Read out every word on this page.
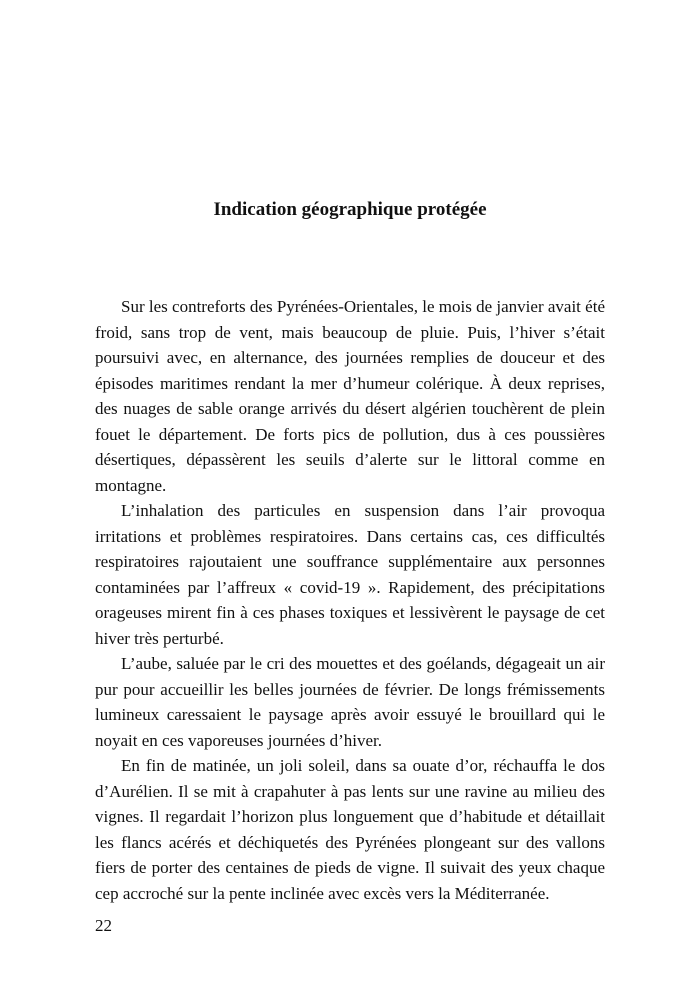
Indication géographique protégée

Sur les contreforts des Pyrénées-Orientales, le mois de janvier avait été froid, sans trop de vent, mais beaucoup de pluie. Puis, l’hiver s’était poursuivi avec, en alternance, des journées remplies de douceur et des épisodes maritimes rendant la mer d’humeur colérique. À deux reprises, des nuages de sable orange arrivés du désert algérien touchèrent de plein fouet le département. De forts pics de pollution, dus à ces poussières désertiques, dépassèrent les seuils d’alerte sur le littoral comme en montagne.

L’inhalation des particules en suspension dans l’air provoqua irritations et problèmes respiratoires. Dans certains cas, ces difficultés respiratoires rajoutaient une souffrance supplémentaire aux personnes contaminées par l’affreux « covid-19 ». Rapidement, des précipitations orageuses mirent fin à ces phases toxiques et lessivèrent le paysage de cet hiver très perturbé.

L’aube, saluée par le cri des mouettes et des goélands, dégageait un air pur pour accueillir les belles journées de février. De longs frémissements lumineux caressaient le paysage après avoir essuyé le brouillard qui le noyait en ces vaporeuses journées d’hiver.

En fin de matinée, un joli soleil, dans sa ouate d’or, réchauffa le dos d’Aurélien. Il se mit à crapahuter à pas lents sur une ravine au milieu des vignes. Il regardait l’horizon plus longuement que d’habitude et détaillait les flancs acérés et déchiquetés des Pyrénées plongeant sur des vallons fiers de porter des centaines de pieds de vigne. Il suivait des yeux chaque cep accroché sur la pente inclinée avec excès vers la Méditerranée.

22
